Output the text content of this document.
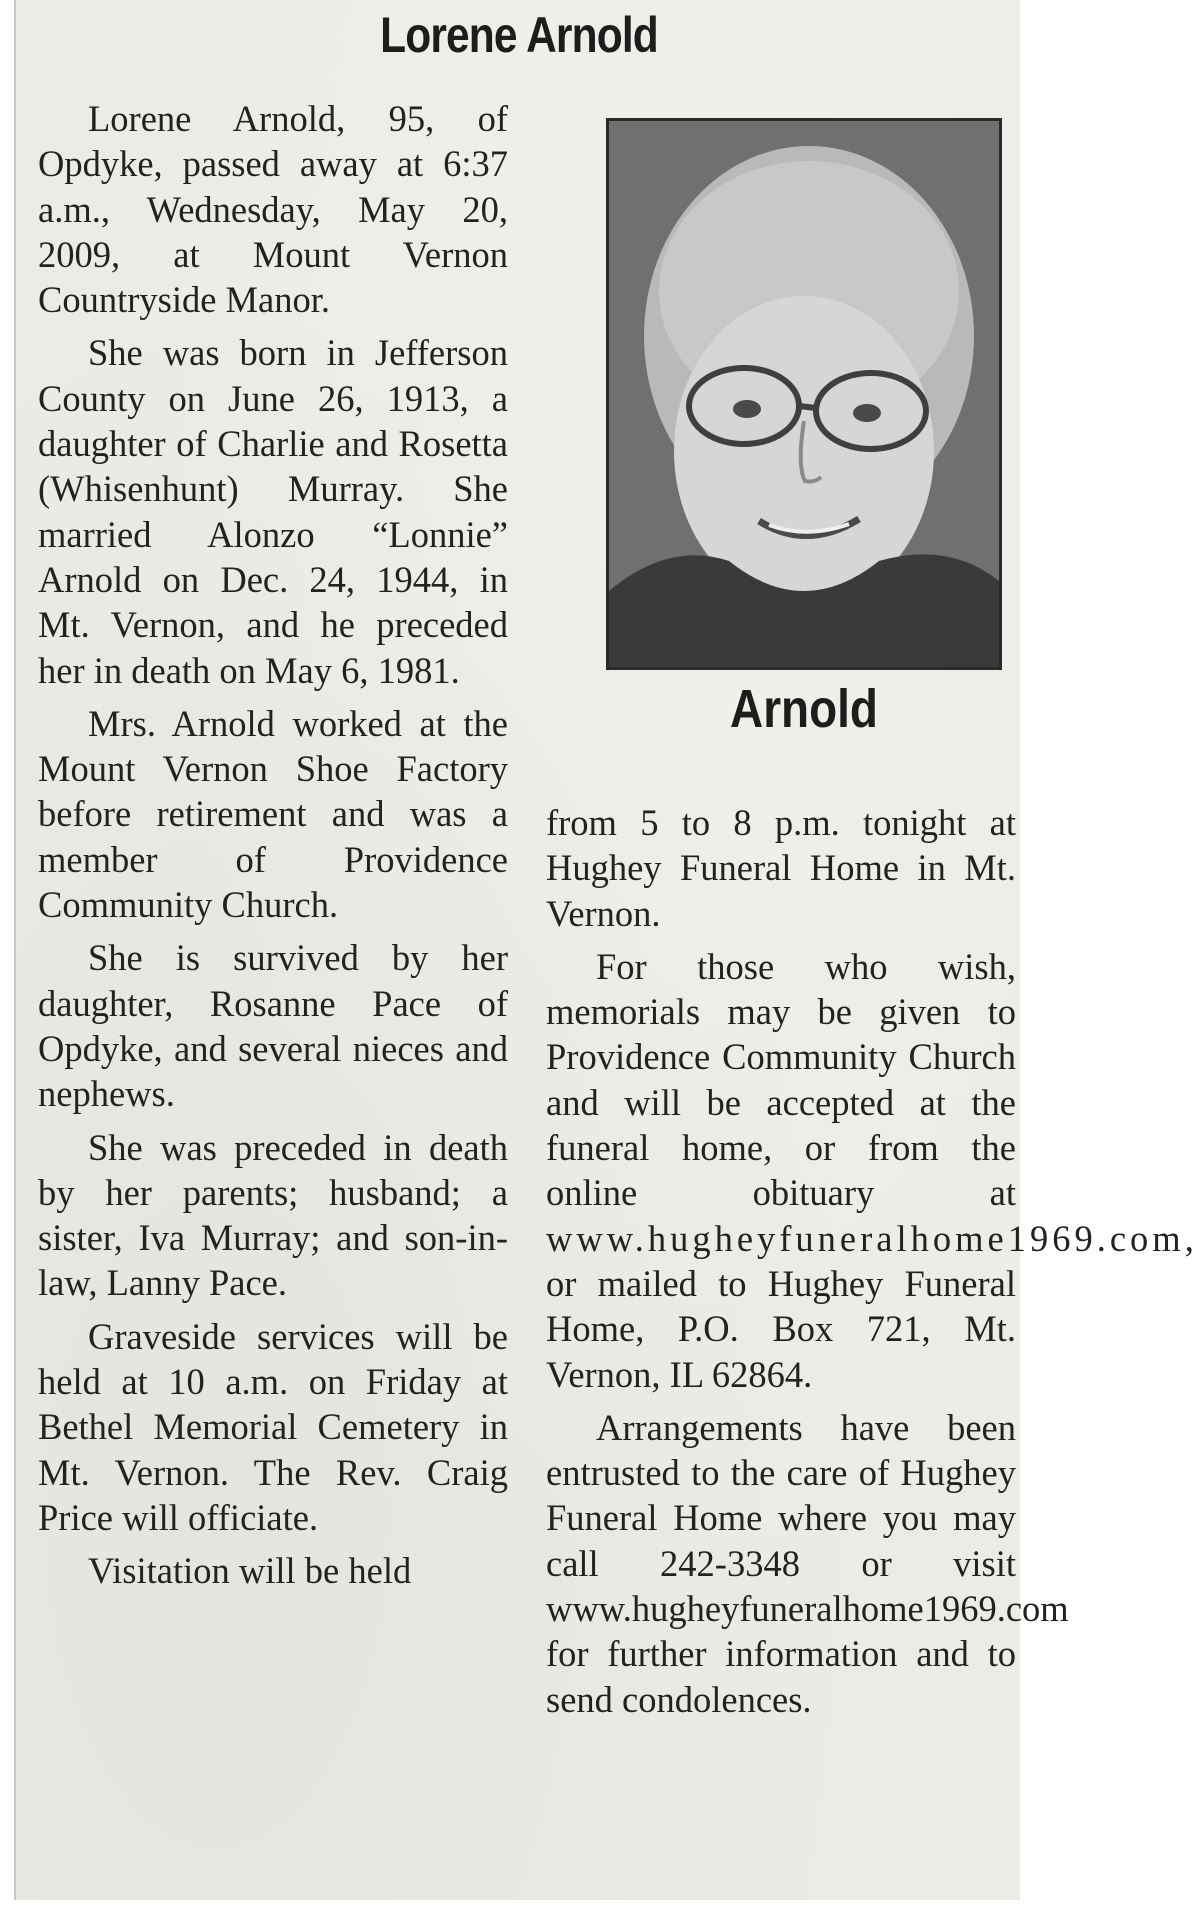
Lorene Arnold

Lorene Arnold, 95, of Opdyke, passed away at 6:37 a.m., Wednesday, May 20, 2009, at Mount Vernon Countryside Manor.

She was born in Jefferson County on June 26, 1913, a daughter of Charlie and Rosetta (Whisenhunt) Murray. She married Alonzo “Lonnie” Arnold on Dec. 24, 1944, in Mt. Vernon, and he preceded her in death on May 6, 1981.

Mrs. Arnold worked at the Mount Vernon Shoe Factory before retirement and was a member of Providence Community Church.

She is survived by her daughter, Rosanne Pace of Opdyke, and several nieces and nephews.

She was preceded in death by her parents; husband; a sister, Iva Murray; and son-in-law, Lanny Pace.

Graveside services will be held at 10 a.m. on Friday at Bethel Memorial Cemetery in Mt. Vernon. The Rev. Craig Price will officiate.

Visitation will be held

Arnold

from 5 to 8 p.m. tonight at Hughey Funeral Home in Mt. Vernon.

For those who wish, memorials may be given to Providence Community Church and will be accepted at the funeral home, or from the online obituary at www.hugheyfuneralhome1969.com, or mailed to Hughey Funeral Home, P.O. Box 721, Mt. Vernon, IL 62864.

Arrangements have been entrusted to the care of Hughey Funeral Home where you may call 242-3348 or visit www.hugheyfuneralhome1969.com for further information and to send condolences.
